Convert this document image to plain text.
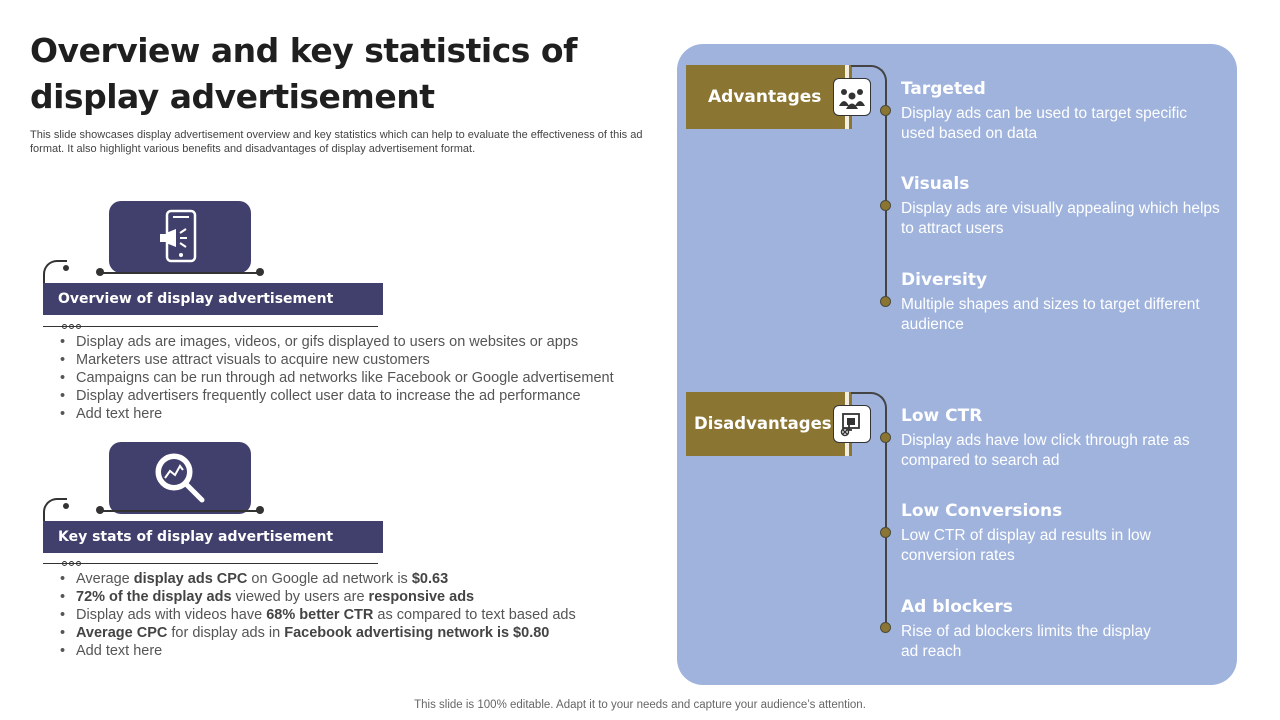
Overview and key statistics of display advertisement
This slide showcases display advertisement overview and key statistics which can help to evaluate the effectiveness of this ad format. It also highlight various benefits and disadvantages of display advertisement format.
Overview of display advertisement
• Display ads are images, videos, or gifs displayed to users on websites or apps
• Marketers use attract visuals to acquire new customers
• Campaigns can be run through ad networks like Facebook or Google advertisement
• Display advertisers frequently collect user data to increase the ad performance
• Add text here
Key stats of display advertisement
• Average display ads CPC on Google ad network is $0.63
• 72% of the display ads viewed by users are responsive ads
• Display ads with videos have 68% better CTR as compared to text based ads
• Average CPC for display ads in Facebook advertising network is $0.80
• Add text here
Advantages
Disadvantages
Targeted
Display ads can be used to target specific used based on data
Visuals
Display ads are visually appealing which helps to attract users
Diversity
Multiple shapes and sizes to target different audience
Low CTR
Display ads have low click through rate as compared to search ad
Low Conversions
Low CTR of display ad results in low conversion rates
Ad blockers
Rise of ad blockers limits the display ad reach
This slide is 100% editable. Adapt it to your needs and capture your audience’s attention.
